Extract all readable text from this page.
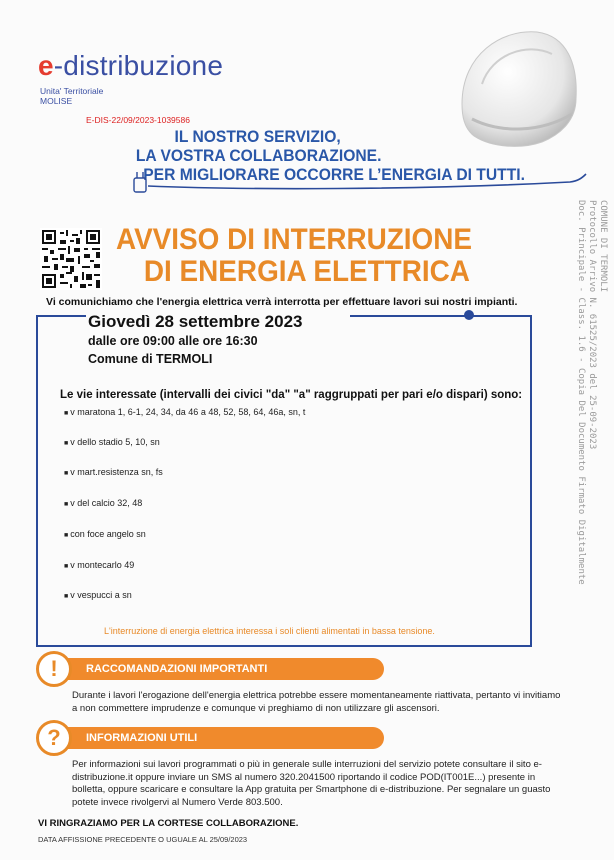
e-distribuzione
Unita' Territoriale
MOLISE
E-DIS-22/09/2023-1039586
IL NOSTRO SERVIZIO,
LA VOSTRA COLLABORAZIONE.
PER MIGLIORARE OCCORRE L’ENERGIA DI TUTTI.
COMUNE DI TERMOLI
Protocollo Arrivo N. 61525/2023 del 25-09-2023
Doc. Principale - Class. 1.6 - Copia Del Documento Firmato Digitalmente
AVVISO DI INTERRUZIONE
DI ENERGIA ELETTRICA
Vi comunichiamo che l'energia elettrica verrà interrotta per effettuare lavori sui nostri impianti.
Giovedì 28 settembre 2023
dalle ore 09:00 alle ore 16:30
Comune di TERMOLI
Le vie interessate (intervalli dei civici "da" "a" raggruppati per pari e/o dispari) sono:
■ v maratona 1, 6-1, 24, 34, da 46 a 48, 52, 58, 64, 46a, sn, t
■ v dello stadio 5, 10, sn
■ v mart.resistenza sn, fs
■ v del calcio 32, 48
■ con foce angelo sn
■ v montecarlo 49
■ v vespucci a sn
L'interruzione di energia elettrica interessa i soli clienti alimentati in bassa tensione.
RACCOMANDAZIONI IMPORTANTI
!
Durante i lavori l'erogazione dell'energia elettrica potrebbe essere momentaneamente riattivata, pertanto vi invitiamo a non commettere imprudenze e comunque vi preghiamo di non utilizzare gli ascensori.
INFORMAZIONI UTILI
?
Per informazioni sui lavori programmati o più in generale sulle interruzioni del servizio potete consultare il sito e-distribuzione.it oppure inviare un SMS al numero 320.2041500 riportando il codice POD(IT001E...) presente in bolletta, oppure scaricare e consultare la App gratuita per Smartphone di e-distribuzione. Per segnalare un guasto potete invece rivolgervi al Numero Verde 803.500.
VI RINGRAZIAMO PER LA CORTESE COLLABORAZIONE.
DATA AFFISSIONE PRECEDENTE O UGUALE AL 25/09/2023
